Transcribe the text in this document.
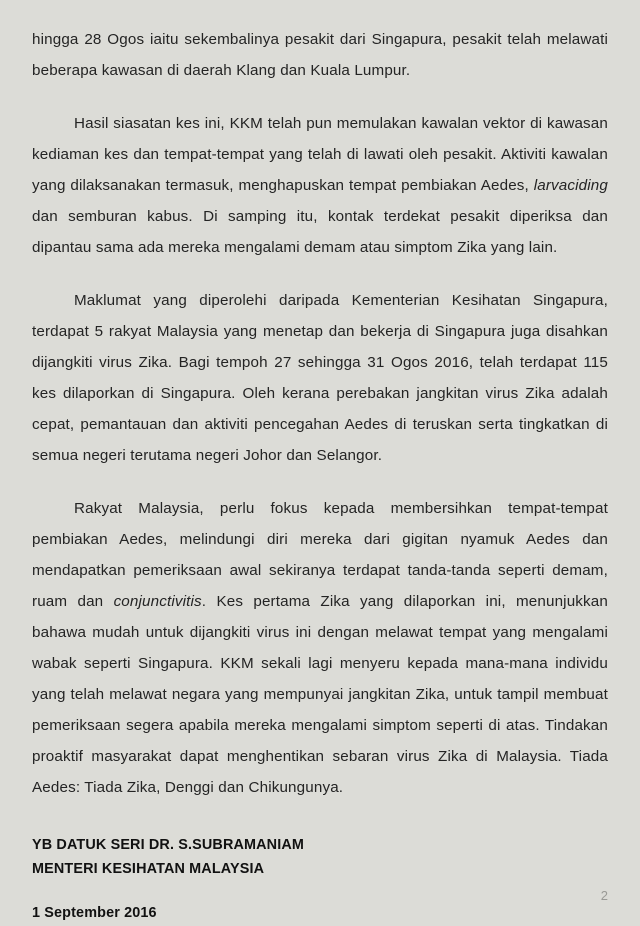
hingga 28 Ogos iaitu sekembalinya pesakit dari Singapura, pesakit telah melawati beberapa kawasan di daerah Klang dan Kuala Lumpur.

Hasil siasatan kes ini, KKM telah pun memulakan kawalan vektor di kawasan kediaman kes dan tempat-tempat yang telah di lawati oleh pesakit. Aktiviti kawalan yang dilaksanakan termasuk, menghapuskan tempat pembiakan Aedes, larvaciding dan semburan kabus. Di samping itu, kontak terdekat pesakit diperiksa dan dipantau sama ada mereka mengalami demam atau simptom Zika yang lain.

Maklumat yang diperolehi daripada Kementerian Kesihatan Singapura, terdapat 5 rakyat Malaysia yang menetap dan bekerja di Singapura juga disahkan dijangkiti virus Zika. Bagi tempoh 27 sehingga 31 Ogos 2016, telah terdapat 115 kes dilaporkan di Singapura. Oleh kerana perebakan jangkitan virus Zika adalah cepat, pemantauan dan aktiviti pencegahan Aedes di teruskan serta tingkatkan di semua negeri terutama negeri Johor dan Selangor.

Rakyat Malaysia, perlu fokus kepada membersihkan tempat-tempat pembiakan Aedes, melindungi diri mereka dari gigitan nyamuk Aedes dan mendapatkan pemeriksaan awal sekiranya terdapat tanda-tanda seperti demam, ruam dan conjunctivitis. Kes pertama Zika yang dilaporkan ini, menunjukkan bahawa mudah untuk dijangkiti virus ini dengan melawat tempat yang mengalami wabak seperti Singapura. KKM sekali lagi menyeru kepada mana-mana individu yang telah melawat negara yang mempunyai jangkitan Zika, untuk tampil membuat pemeriksaan segera apabila mereka mengalami simptom seperti di atas. Tindakan proaktif masyarakat dapat menghentikan sebaran virus Zika di Malaysia. Tiada Aedes: Tiada Zika, Denggi dan Chikungunya.

YB DATUK SERI DR. S.SUBRAMANIAM
MENTERI KESIHATAN MALAYSIA
1 September 2016
2
